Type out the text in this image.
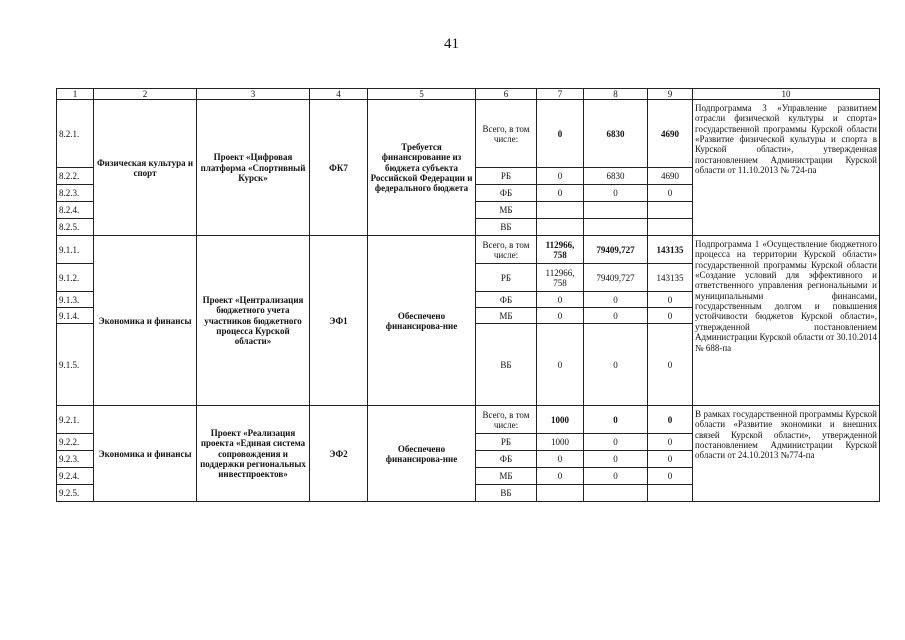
41
1	2	3	4	5	6	7	8	9	10
8.2.1.	Физическая культура и спорт	Проект «Цифровая платформа «Спортивный Курск»	ФК7	Требуется финансирование из бюджета субъекта Российской Федерации и федерального бюджета	Всего, в том числе:	0	6830	4690	Подпрограмма 3 «Управление развитием отрасли физической культуры и спорта» государственной программы Курской области «Развитие физической культуры и спорта в Курской области», утвержденная постановлением Администрации Курской области от 11.10.2013 № 724-па
8.2.2.					РБ	0	6830	4690	
8.2.3.					ФБ	0	0	0	
8.2.4.					МБ				
8.2.5.					ВБ				
9.1.1.	Экономика и финансы	Проект «Централизация бюджетного учета участников бюджетного процесса Курской области»	ЭФ1	Обеспечено финансирова-ние	Всего, в том числе:	112966, 758	79409,727	143135	Подпрограмма 1 «Осуществление бюджетного процесса на территории Курской области» государственной программы Курской области «Создание условий для эффективного и ответственного управления региональными и муниципальными финансами, государственным долгом и повышения устойчивости бюджетов Курской области», утвержденной постановлением Администрации Курской области от 30.10.2014 № 688-па
9.1.2.					РБ	112966, 758	79409,727	143135	
9.1.3.					ФБ	0	0	0	
9.1.4.					МБ	0	0	0	
9.1.5.					ВБ	0	0	0	
9.2.1.	Экономика и финансы	Проект «Реализация проекта «Единая система сопровождения и поддержки региональных инвестпроектов»	ЭФ2	Обеспечено финансирова-ние	Всего, в том числе:	1000	0	0	В рамках государственной программы Курской области «Развитие экономики и внешних связей Курской области», утвержденной постановлением Администрации Курской области от 24.10.2013 №774-па
9.2.2.					РБ	1000	0	0	
9.2.3.					ФБ	0	0	0	
9.2.4.					МБ	0	0	0	
9.2.5.					ВБ				
